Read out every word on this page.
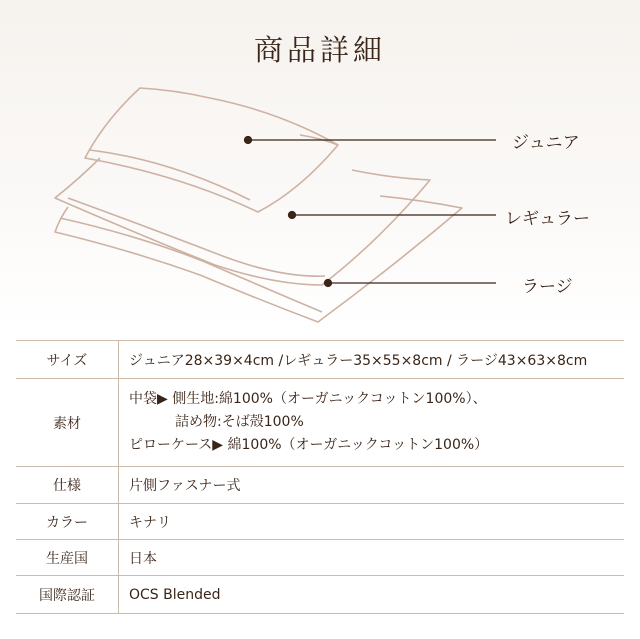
商品詳細
ジュニア
レギュラー
ラージ
サイズ	ジュニア28×39×4cm /レギュラー35×55×8cm / ラージ43×63×8cm
素材	中袋▶ 側生地:綿100%（オーガニックコットン100%）、
詰め物:そば殻100%
ピローケース▶ 綿100%（オーガニックコットン100%）

仕様	片側ファスナー式
カラー	キナリ
生産国	日本
国際認証	OCS Blended
